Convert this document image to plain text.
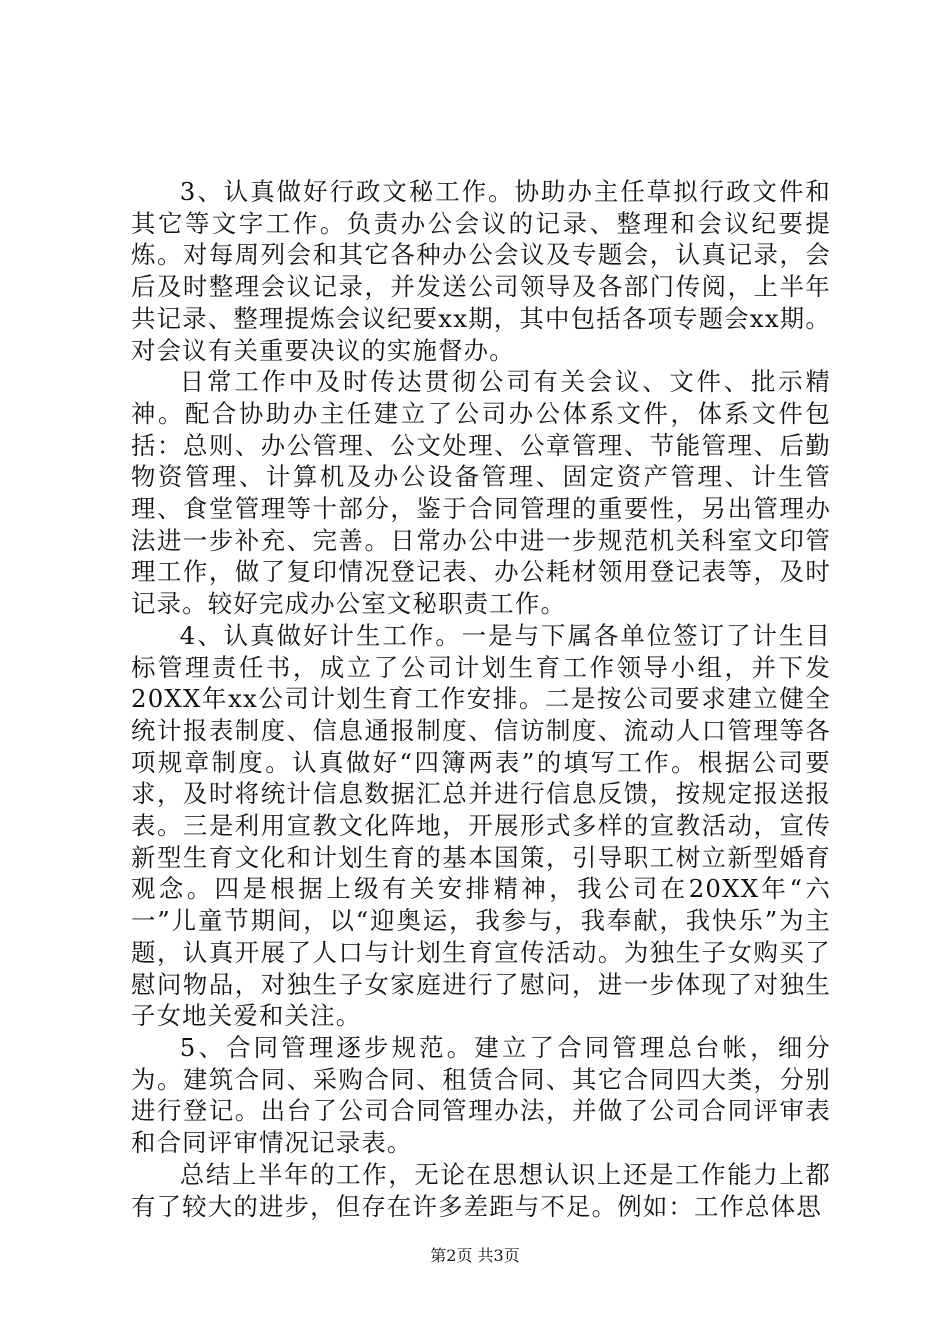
3、认真做好行政文秘工作。协助办主任草拟行政文件和其它等文字工作。负责办公会议的记录、整理和会议纪要提炼。对每周列会和其它各种办公会议及专题会，认真记录，会后及时整理会议记录，并发送公司领导及各部门传阅，上半年共记录、整理提炼会议纪要xx期，其中包括各项专题会xx期。对会议有关重要决议的实施督办。

日常工作中及时传达贯彻公司有关会议、文件、批示精神。配合协助办主任建立了公司办公体系文件，体系文件包括：总则、办公管理、公文处理、公章管理、节能管理、后勤物资管理、计算机及办公设备管理、固定资产管理、计生管理、食堂管理等十部分，鉴于合同管理的重要性，另出管理办法进一步补充、完善。日常办公中进一步规范机关科室文印管理工作，做了复印情况登记表、办公耗材领用登记表等，及时记录。较好完成办公室文秘职责工作。

4、认真做好计生工作。一是与下属各单位签订了计生目标管理责任书，成立了公司计划生育工作领导小组，并下发20XX年xx公司计划生育工作安排。二是按公司要求建立健全统计报表制度、信息通报制度、信访制度、流动人口管理等各项规章制度。认真做好“四簿两表”的填写工作。根据公司要求，及时将统计信息数据汇总并进行信息反馈，按规定报送报表。三是利用宣教文化阵地，开展形式多样的宣教活动，宣传新型生育文化和计划生育的基本国策，引导职工树立新型婚育观念。四是根据上级有关安排精神，我公司在20XX年“六一”儿童节期间，以“迎奥运，我参与，我奉献，我快乐”为主题，认真开展了人口与计划生育宣传活动。为独生子女购买了慰问物品，对独生子女家庭进行了慰问，进一步体现了对独生子女地关爱和关注。

5、合同管理逐步规范。建立了合同管理总台帐，细分为。建筑合同、采购合同、租赁合同、其它合同四大类，分别进行登记。出台了公司合同管理办法，并做了公司合同评审表和合同评审情况记录表。

总结上半年的工作，无论在思想认识上还是工作能力上都有了较大的进步，但存在许多差距与不足。例如：工作总体思

第2页 共3页
